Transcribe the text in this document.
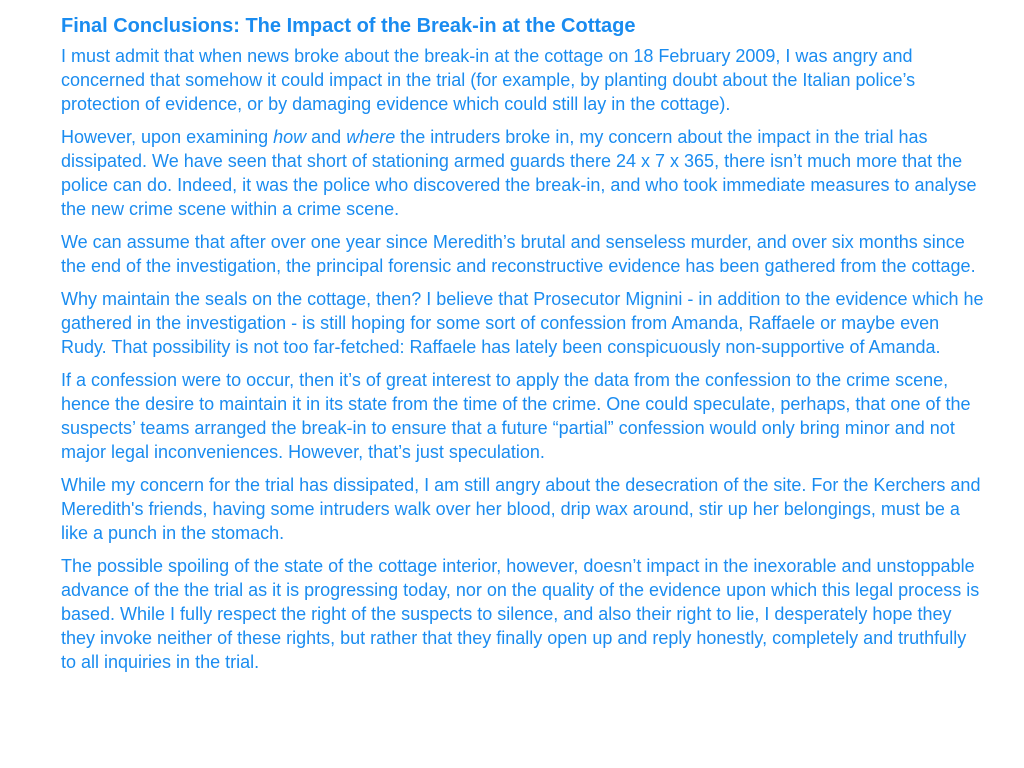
Final Conclusions: The Impact of the Break-in at the Cottage

I must admit that when news broke about the break-in at the cottage on 18 February 2009, I was angry and concerned that somehow it could impact in the trial (for example, by planting doubt about the Italian police’s protection of evidence, or by damaging evidence which could still lay in the cottage).

However, upon examining how and where the intruders broke in, my concern about the impact in the trial has dissipated. We have seen that short of stationing armed guards there 24 x 7 x 365, there isn’t much more that the police can do. Indeed, it was the police who discovered the break-in, and who took immediate measures to analyse the new crime scene within a crime scene.

We can assume that after over one year since Meredith’s brutal and senseless murder, and over six months since the end of the investigation, the principal forensic and reconstructive evidence has been gathered from the cottage.

Why maintain the seals on the cottage, then? I believe that Prosecutor Mignini - in addition to the evidence which he gathered in the investigation - is still hoping for some sort of confession from Amanda, Raffaele or maybe even Rudy. That possibility is not too far-fetched: Raffaele has lately been conspicuously non-supportive of Amanda.

If a confession were to occur, then it’s of great interest to apply the data from the confession to the crime scene, hence the desire to maintain it in its state from the time of the crime. One could speculate, perhaps, that one of the suspects’ teams arranged the break-in to ensure that a future “partial” confession would only bring minor and not major legal inconveniences. However, that’s just speculation.

While my concern for the trial has dissipated, I am still angry about the desecration of the site. For the Kerchers and Meredith's friends, having some intruders walk over her blood, drip wax around, stir up her belongings, must be a like a punch in the stomach.

The possible spoiling of the state of the cottage interior, however, doesn’t impact in the inexorable and unstoppable advance of the the trial as it is progressing today, nor on the quality of the evidence upon which this legal process is based. While I fully respect the right of the suspects to silence, and also their right to lie, I desperately hope they they invoke neither of these rights, but rather that they finally open up and reply honestly, completely and truthfully to all inquiries in the trial.
